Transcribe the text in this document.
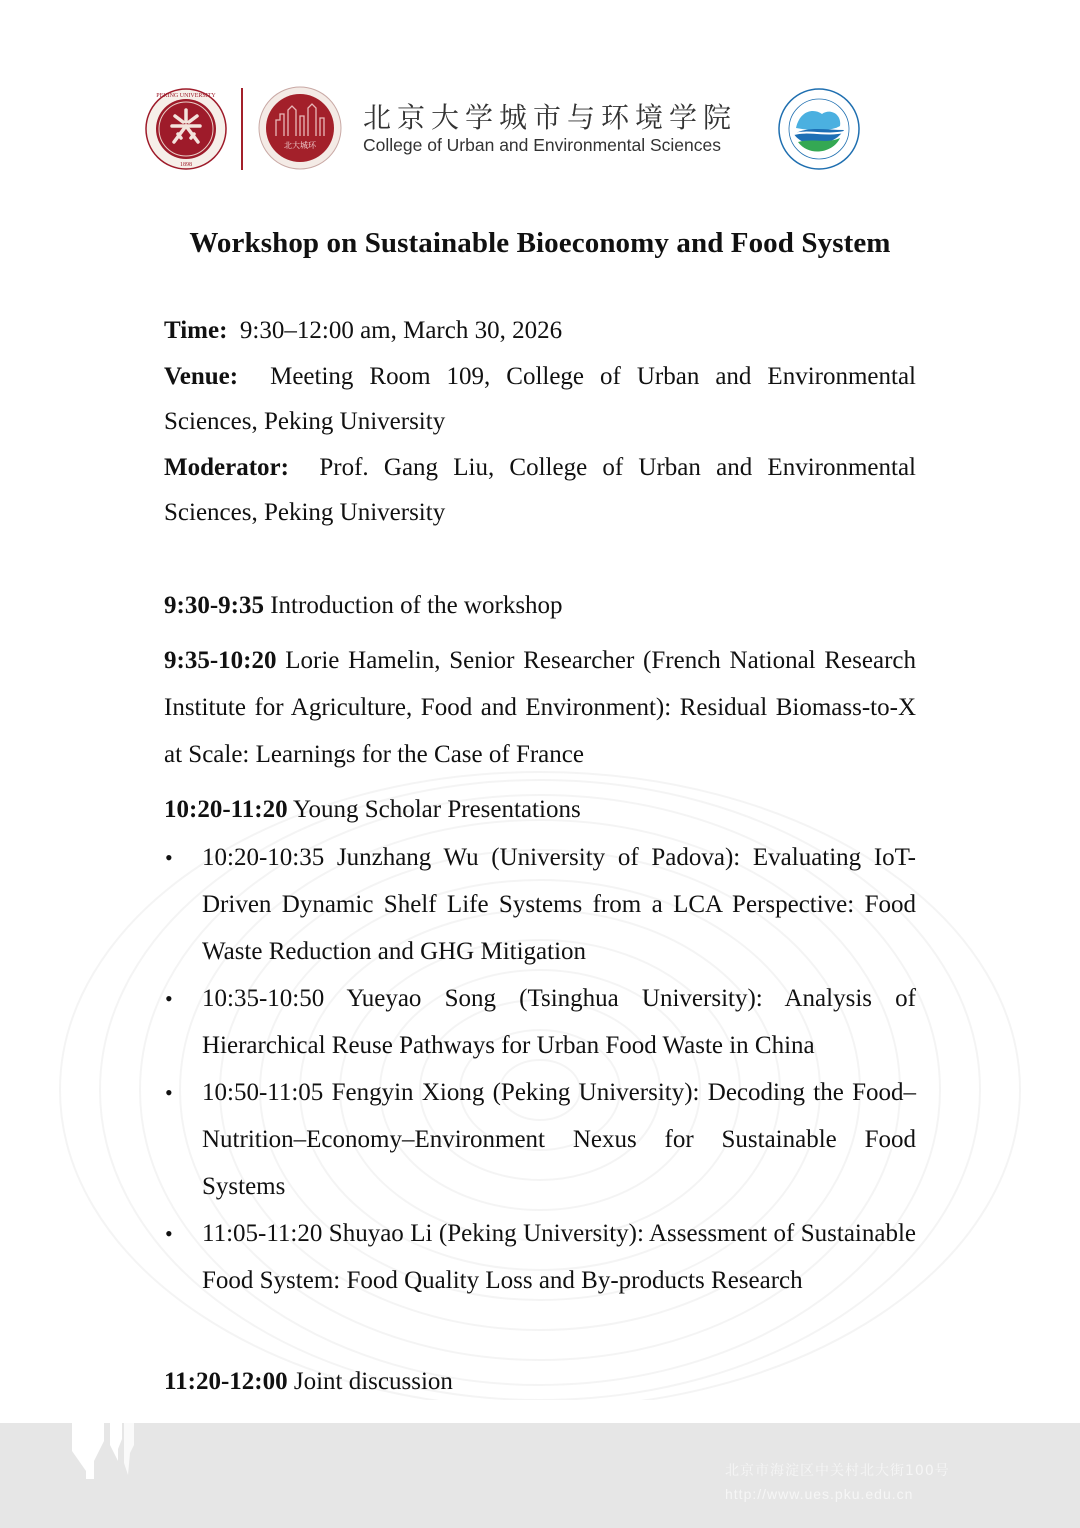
PEKING UNIVERSITY
1898
北大城环
北京大学城市与环境学院
College of Urban and Environmental Sciences
Workshop on Sustainable Bioeconomy and Food System

Time: 9:30–12:00 am, March 30, 2026

Venue: Meeting Room 109, College of Urban and Environmental Sciences, Peking University

Moderator: Prof. Gang Liu, College of Urban and Environmental Sciences, Peking University

9:30-9:35 Introduction of the workshop

9:35-10:20 Lorie Hamelin, Senior Researcher (French National Research Institute for Agriculture, Food and Environment): Residual Biomass-to-X at Scale: Learnings for the Case of France

10:20-11:20 Young Scholar Presentations

• 10:20-10:35 Junzhang Wu (University of Padova): Evaluating IoT-Driven Dynamic Shelf Life Systems from a LCA Perspective: Food Waste Reduction and GHG Mitigation

• 10:35-10:50 Yueyao Song (Tsinghua University): Analysis of Hierarchical Reuse Pathways for Urban Food Waste in China

• 10:50-11:05 Fengyin Xiong (Peking University): Decoding the Food–Nutrition–Economy–Environment Nexus for Sustainable Food Systems

• 11:05-11:20 Shuyao Li (Peking University): Assessment of Sustainable Food System: Food Quality Loss and By-products Research

11:20-12:00 Joint discussion

北京市海淀区中关村北大街100号
http://www.ues.pku.edu.cn
